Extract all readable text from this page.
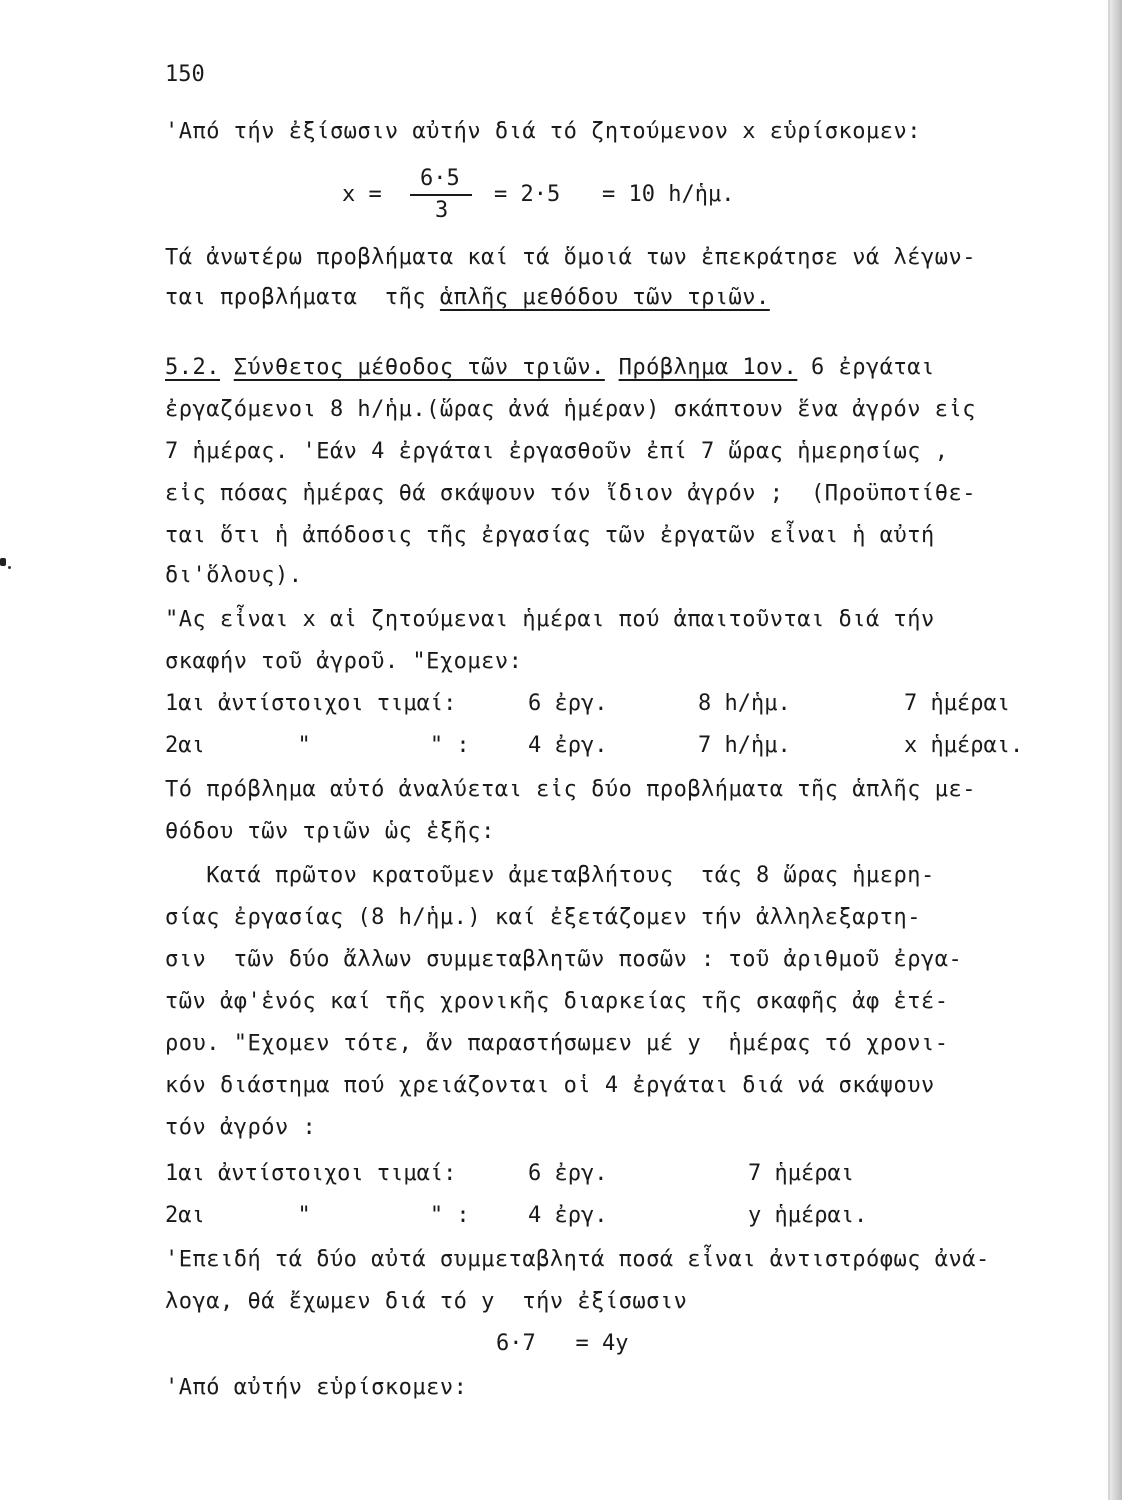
150
'Από τήν ἐξίσωσιν αὐτήν διά τό ζητούμενον x εὑρίσκομεν:
x =
6·5
3
= 2·5 = 10 h/ἡμ.
Τά ἀνωτέρω προβλήματα καί τά ὅμοιά των ἐπεκράτησε νά λέγων-
ται προβλήματα  τῆς ἁπλῆς μεθόδου τῶν τριῶν.
5.2. Σύνθετος μέθοδος τῶν τριῶν. Πρόβλημα 1ον. 6 ἐργάται
ἐργαζόμενοι 8 h/ἡμ.(ὥρας ἀνά ἡμέραν) σκάπτουν ἕνα ἀγρόν εἰς
7 ἡμέρας. 'Εάν 4 ἐργάται ἐργασθοῦν ἐπί 7 ὥρας ἡμερησίως ,
εἰς πόσας ἡμέρας θά σκάψουν τόν ἴδιον ἀγρόν ;  (Προϋποτίθε-
ται ὅτι ἡ ἀπόδοσις τῆς ἐργασίας τῶν ἐργατῶν εἶναι ἡ αὐτή
δι'ὅλους).
"Ας εἶναι x αἱ ζητούμεναι ἡμέραι πού ἀπαιτοῦνται διά τήν
σκαφήν τοῦ ἀγροῦ. "Εχομεν:
1αι ἀντίστοιχοι τιμαί:	6 ἐργ.	8 h/ἡμ.	7 ἡμέραι
2αι       "         " :	4 ἐργ.	7 h/ἡμ.	x ἡμέραι.
Τό πρόβλημα αὐτό ἀναλύεται εἰς δύο προβλήματα τῆς ἁπλῆς με-
θόδου τῶν τριῶν ὡς ἑξῆς:
Κατά πρῶτον κρατοῦμεν ἀμεταβλήτους  τάς 8 ὥρας ἡμερη-
σίας ἐργασίας (8 h/ἡμ.) καί ἐξετάζομεν τήν ἀλληλεξαρτη-
σιν  τῶν δύο ἄλλων συμμεταβλητῶν ποσῶν : τοῦ ἀριθμοῦ ἐργα-
τῶν ἀφ'ἑνός καί τῆς χρονικῆς διαρκείας τῆς σκαφῆς ἀφ ἑτέ-
ρου. "Εχομεν τότε, ἄν παραστήσωμεν μέ y  ἡμέρας τό χρονι-
κόν διάστημα πού χρειάζονται οἱ 4 ἐργάται διά νά σκάψουν
τόν ἀγρόν :
1αι ἀντίστοιχοι τιμαί:	6 ἐργ.	7 ἡμέραι
2αι       "         " :	4 ἐργ.	y ἡμέραι.
'Επειδή τά δύο αὐτά συμμεταβλητά ποσά εἶναι ἀντιστρόφως ἀνά-
λογα, θά ἔχωμεν διά τό y  τήν ἐξίσωσιν
6·7   = 4y
'Από αὐτήν εὑρίσκομεν:
